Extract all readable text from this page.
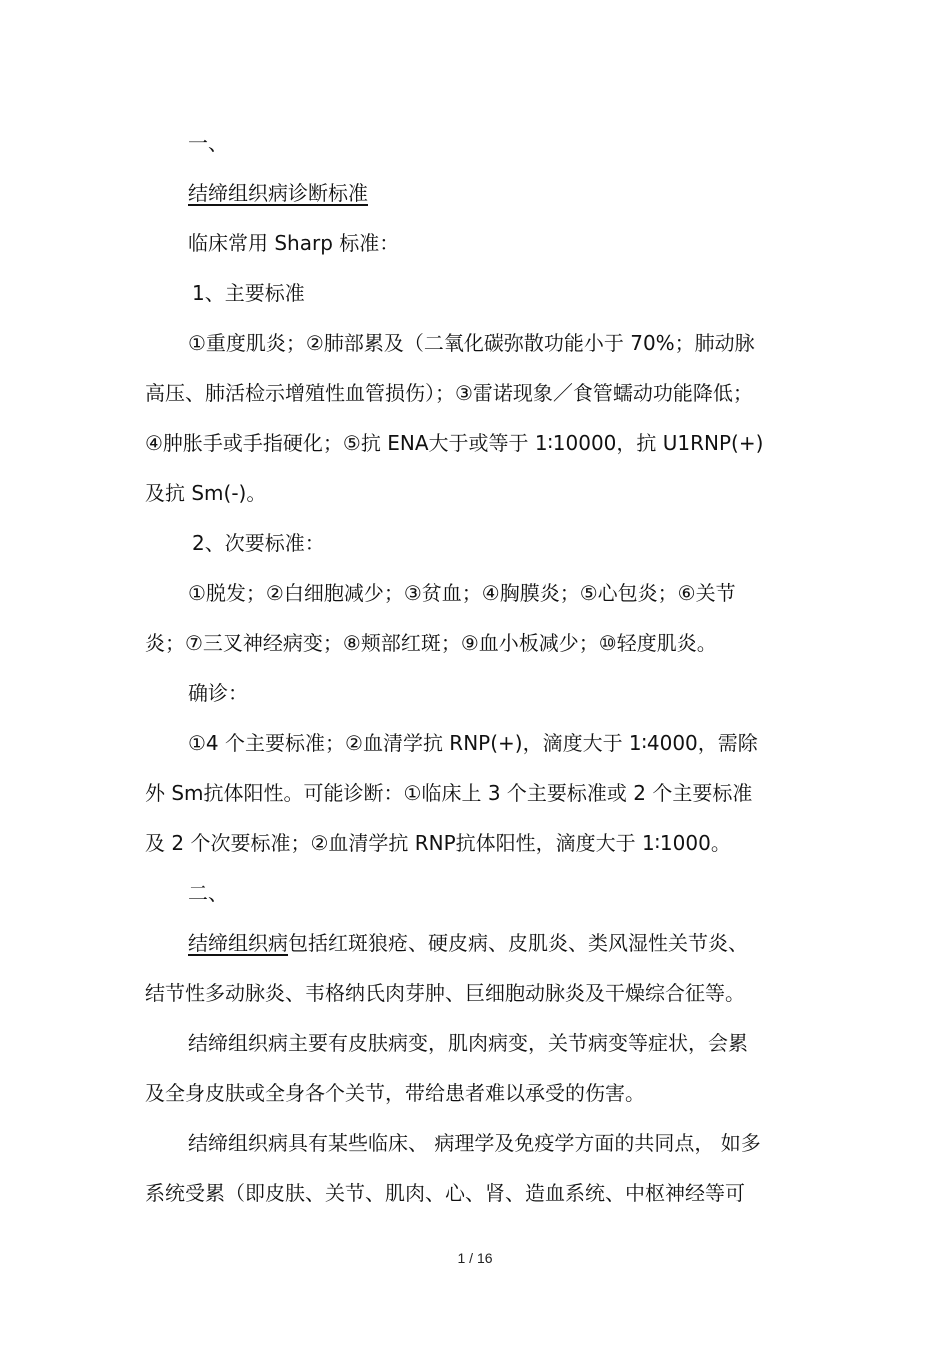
一、
结缔组织病诊断标准
临床常用 Sharp 标准：
1、主要标准
①重度肌炎；②肺部累及（二氧化碳弥散功能小于 70%；肺动脉
高压、肺活检示增殖性血管损伤）；③雷诺现象／食管蠕动功能降低；
④肿胀手或手指硬化；⑤抗 ENA大于或等于 1∶10000，抗 U1RNP(+)
及抗 Sm(-)。
2、次要标准：
①脱发；②白细胞减少；③贫血；④胸膜炎；⑤心包炎；⑥关节
炎；⑦三叉神经病变；⑧颊部红斑；⑨血小板减少；⑩轻度肌炎。
确诊：
①4 个主要标准；②血清学抗 RNP(+)，滴度大于 1∶4000，需除
外 Sm抗体阳性。可能诊断：①临床上 3 个主要标准或 2 个主要标准
及 2 个次要标准；②血清学抗 RNP抗体阳性，滴度大于 1∶1000。
二、
结缔组织病包括红斑狼疮、硬皮病、皮肌炎、类风湿性关节炎、
结节性多动脉炎、韦格纳氏肉芽肿、巨细胞动脉炎及干燥综合征等。
结缔组织病主要有皮肤病变，肌肉病变，关节病变等症状，会累
及全身皮肤或全身各个关节，带给患者难以承受的伤害。
结缔组织病具有某些临床、 病理学及免疫学方面的共同点， 如多
系统受累（即皮肤、关节、肌肉、心、肾、造血系统、中枢神经等可
1 / 16
